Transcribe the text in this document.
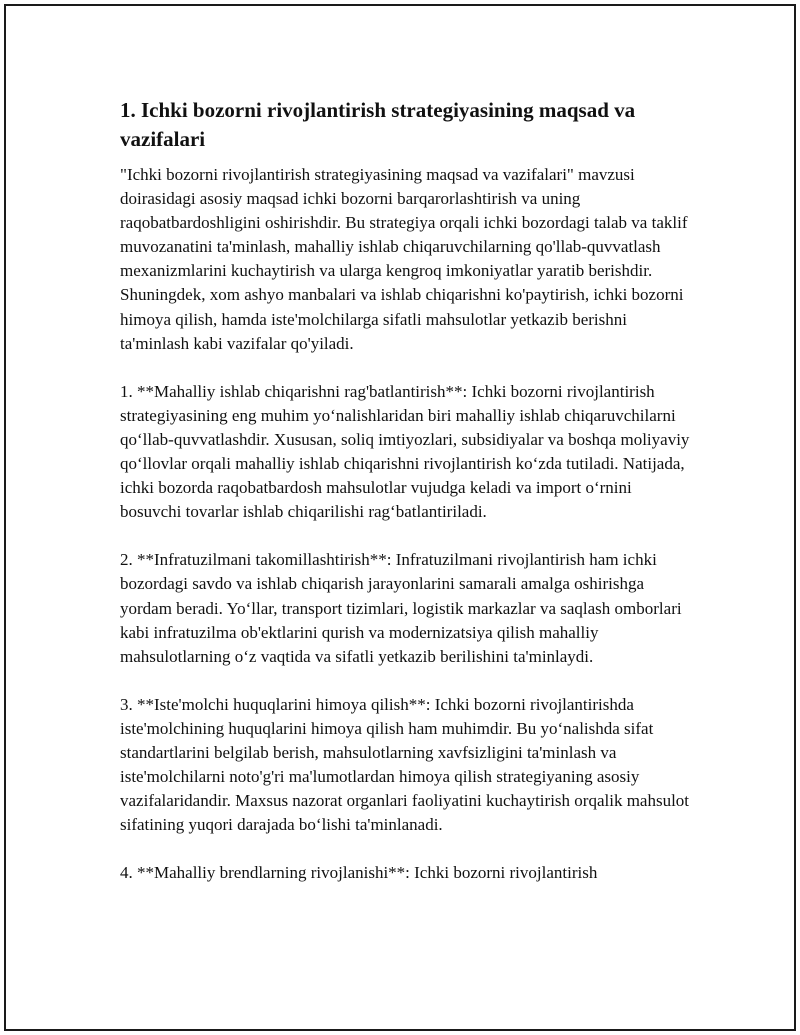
1. Ichki bozorni rivojlantirish strategiyasining maqsad va vazifalari

"Ichki bozorni rivojlantirish strategiyasining maqsad va vazifalari" mavzusi doirasidagi asosiy maqsad ichki bozorni barqarorlashtirish va uning raqobatbardoshligini oshirishdir. Bu strategiya orqali ichki bozordagi talab va taklif muvozanatini ta'minlash, mahalliy ishlab chiqaruvchilarning qo'llab-quvvatlash mexanizmlarini kuchaytirish va ularga kengroq imkoniyatlar yaratib berishdir. Shuningdek, xom ashyo manbalari va ishlab chiqarishni ko'paytirish, ichki bozorni himoya qilish, hamda iste'molchilarga sifatli mahsulotlar yetkazib berishni ta'minlash kabi vazifalar qo'yiladi.

1. **Mahalliy ishlab chiqarishni rag'batlantirish**: Ichki bozorni rivojlantirish strategiyasining eng muhim yo‘nalishlaridan biri mahalliy ishlab chiqaruvchilarni qo‘llab-quvvatlashdir. Xususan, soliq imtiyozlari, subsidiyalar va boshqa moliyaviy qo‘llovlar orqali mahalliy ishlab chiqarishni rivojlantirish ko‘zda tutiladi. Natijada, ichki bozorda raqobatbardosh mahsulotlar vujudga keladi va import o‘rnini bosuvchi tovarlar ishlab chiqarilishi rag‘batlantiriladi.

2. **Infratuzilmani takomillashtirish**: Infratuzilmani rivojlantirish ham ichki bozordagi savdo va ishlab chiqarish jarayonlarini samarali amalga oshirishga yordam beradi. Yo‘llar, transport tizimlari, logistik markazlar va saqlash omborlari kabi infratuzilma ob'ektlarini qurish va modernizatsiya qilish mahalliy mahsulotlarning o‘z vaqtida va sifatli yetkazib berilishini ta'minlaydi.

3. **Iste'molchi huquqlarini himoya qilish**: Ichki bozorni rivojlantirishda iste'molchining huquqlarini himoya qilish ham muhimdir. Bu yo‘nalishda sifat standartlarini belgilab berish, mahsulotlarning xavfsizligini ta'minlash va iste'molchilarni noto'g'ri ma'lumotlardan himoya qilish strategiyaning asosiy vazifalaridandir. Maxsus nazorat organlari faoliyatini kuchaytirish orqalik mahsulot sifatining yuqori darajada bo‘lishi ta'minlanadi.

4. **Mahalliy brendlarning rivojlanishi**: Ichki bozorni rivojlantirish
